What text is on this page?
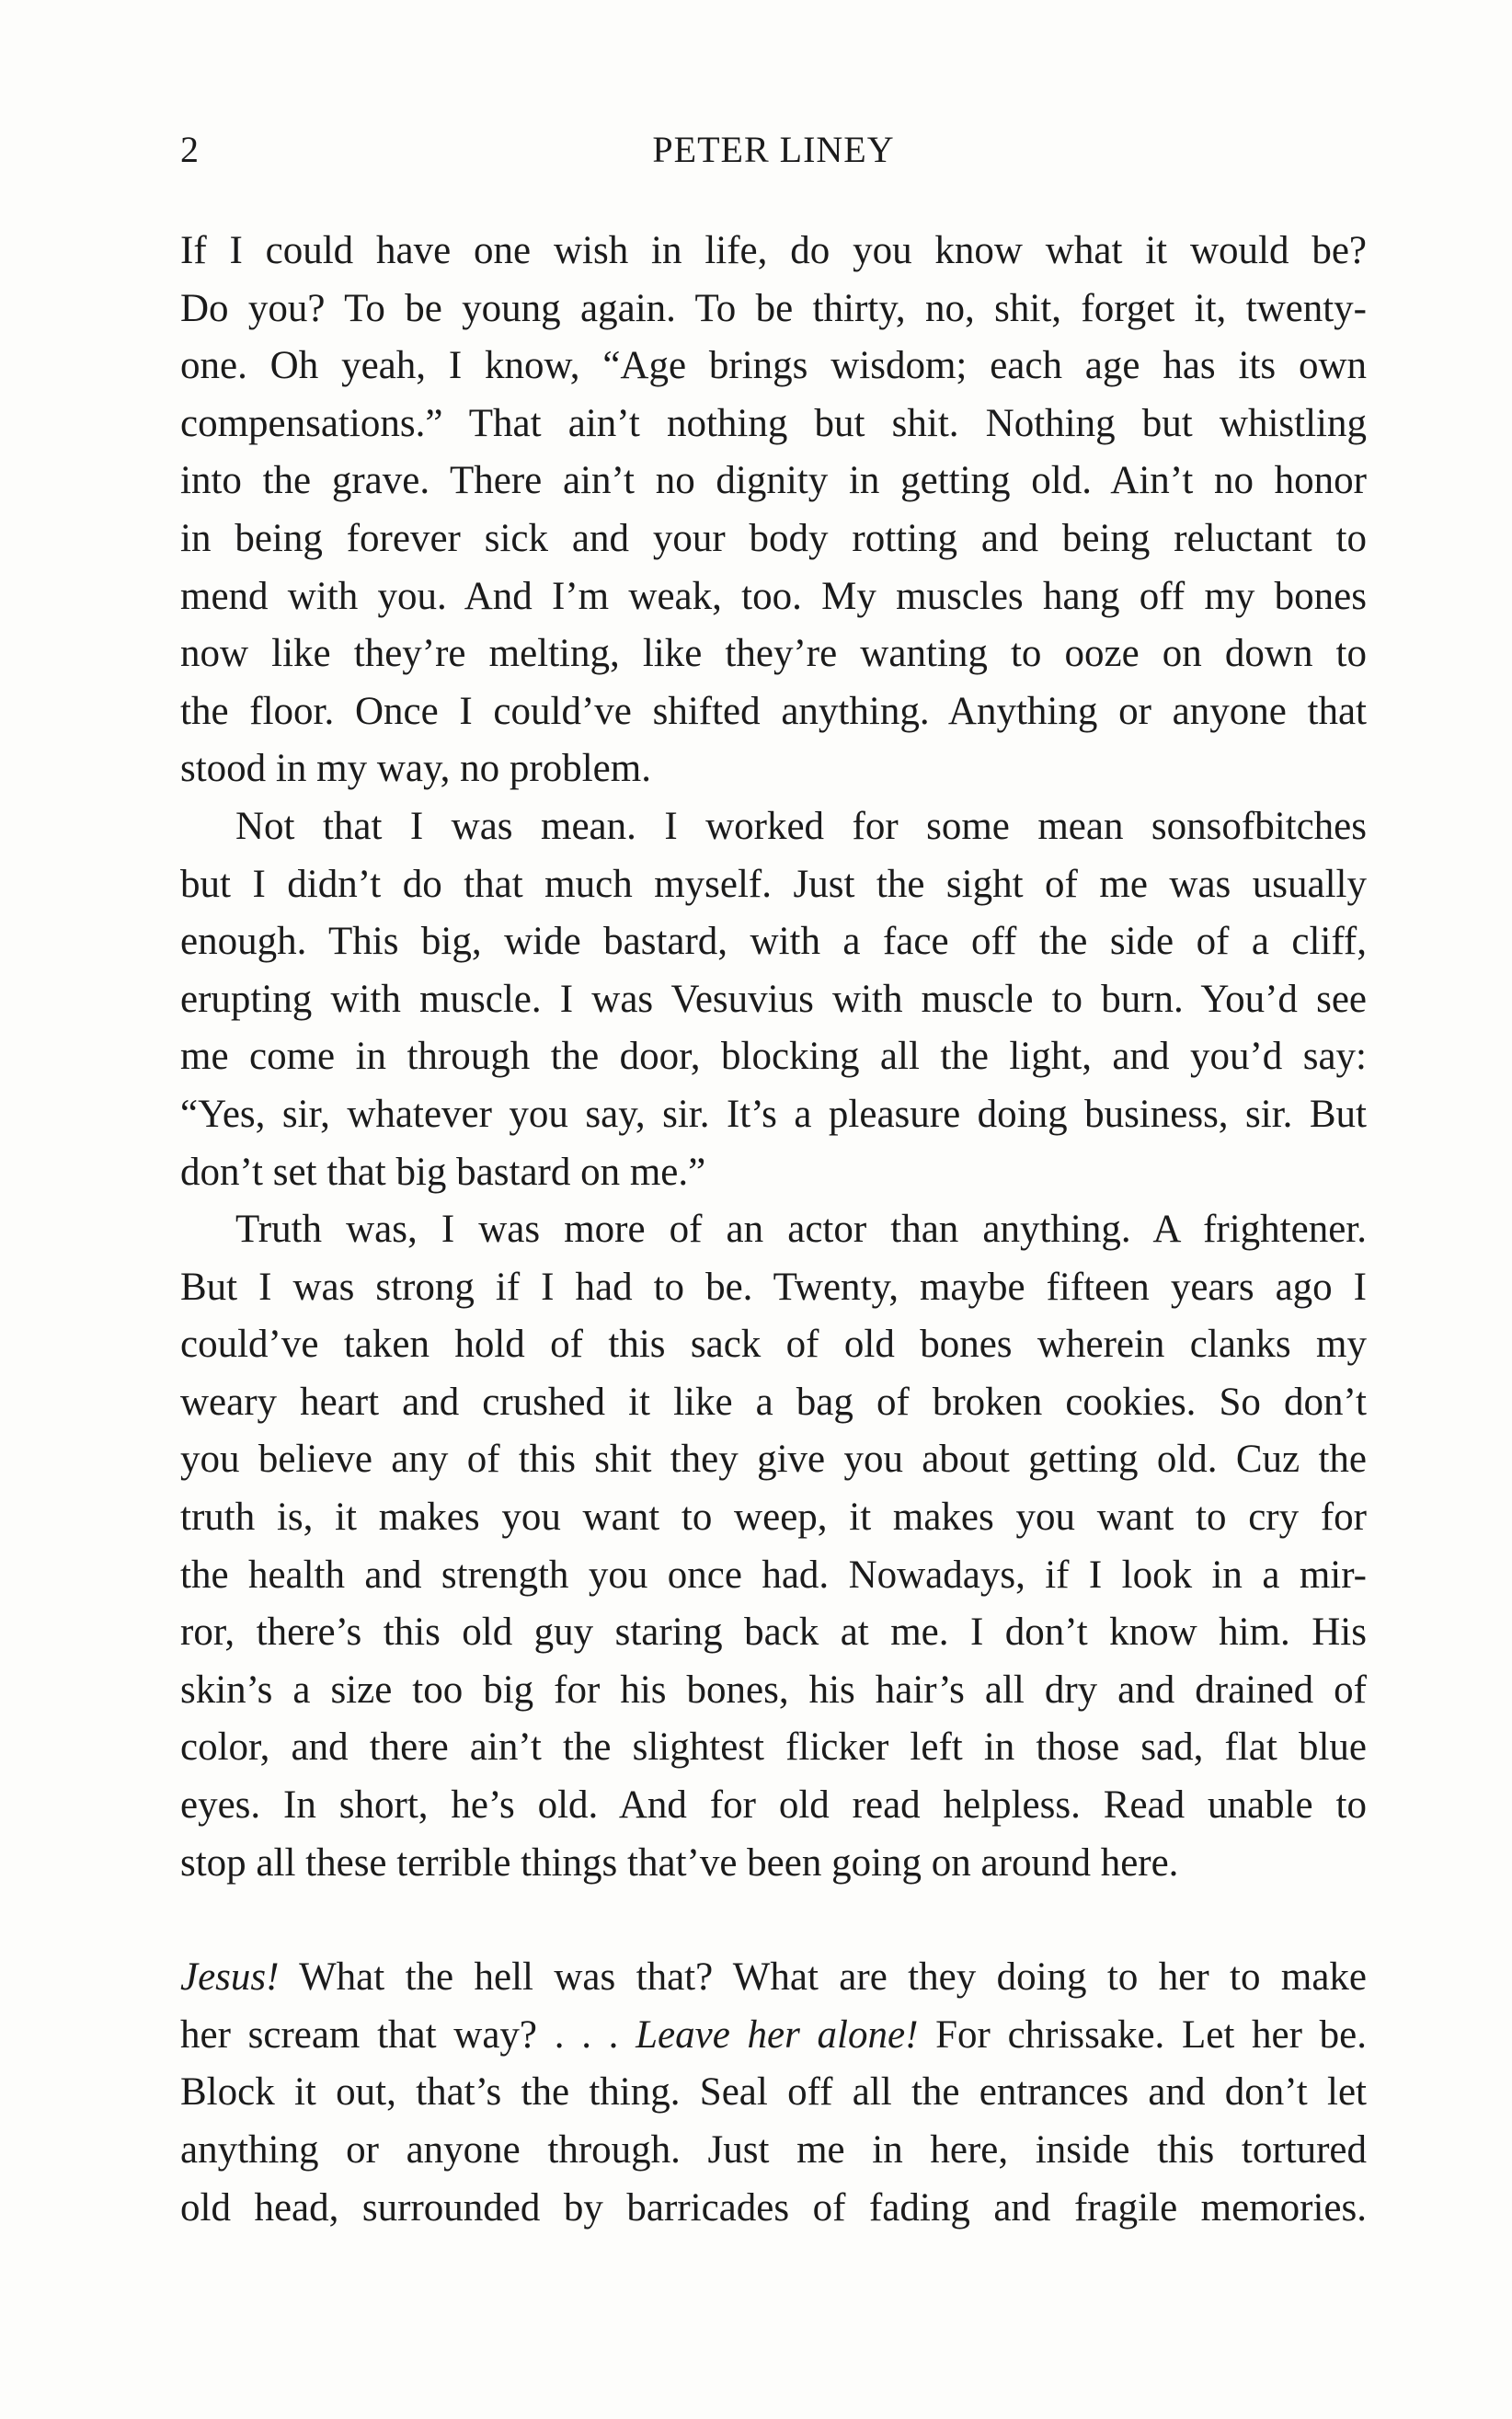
2	PETER LINEY
If I could have one wish in life, do you know what it would be?
Do you? To be young again. To be thirty, no, shit, forget it, twenty-
one. Oh yeah, I know, “Age brings wisdom; each age has its own
compensations.” That ain’t nothing but shit. Nothing but whistling
into the grave. There ain’t no dignity in getting old. Ain’t no honor
in being forever sick and your body rotting and being reluctant to
mend with you. And I’m weak, too. My muscles hang off my bones
now like they’re melting, like they’re wanting to ooze on down to
the floor. Once I could’ve shifted anything. Anything or anyone that
stood in my way, no problem.
Not that I was mean. I worked for some mean sonsofbitches
but I didn’t do that much myself. Just the sight of me was usually
enough. This big, wide bastard, with a face off the side of a cliff,
erupting with muscle. I was Vesuvius with muscle to burn. You’d see
me come in through the door, blocking all the light, and you’d say:
“Yes, sir, whatever you say, sir. It’s a pleasure doing business, sir. But
don’t set that big bastard on me.”
Truth was, I was more of an actor than anything. A frightener.
But I was strong if I had to be. Twenty, maybe fifteen years ago I
could’ve taken hold of this sack of old bones wherein clanks my
weary heart and crushed it like a bag of broken cookies. So don’t
you believe any of this shit they give you about getting old. Cuz the
truth is, it makes you want to weep, it makes you want to cry for
the health and strength you once had. Nowadays, if I look in a mir-
ror, there’s this old guy staring back at me. I don’t know him. His
skin’s a size too big for his bones, his hair’s all dry and drained of
color, and there ain’t the slightest flicker left in those sad, flat blue
eyes. In short, he’s old. And for old read helpless. Read unable to
stop all these terrible things that’ve been going on around here.
Jesus! What the hell was that? What are they doing to her to make
her scream that way? . . . Leave her alone! For chrissake. Let her be.
Block it out, that’s the thing. Seal off all the entrances and don’t let
anything or anyone through. Just me in here, inside this tortured
old head, surrounded by barricades of fading and fragile memories.
